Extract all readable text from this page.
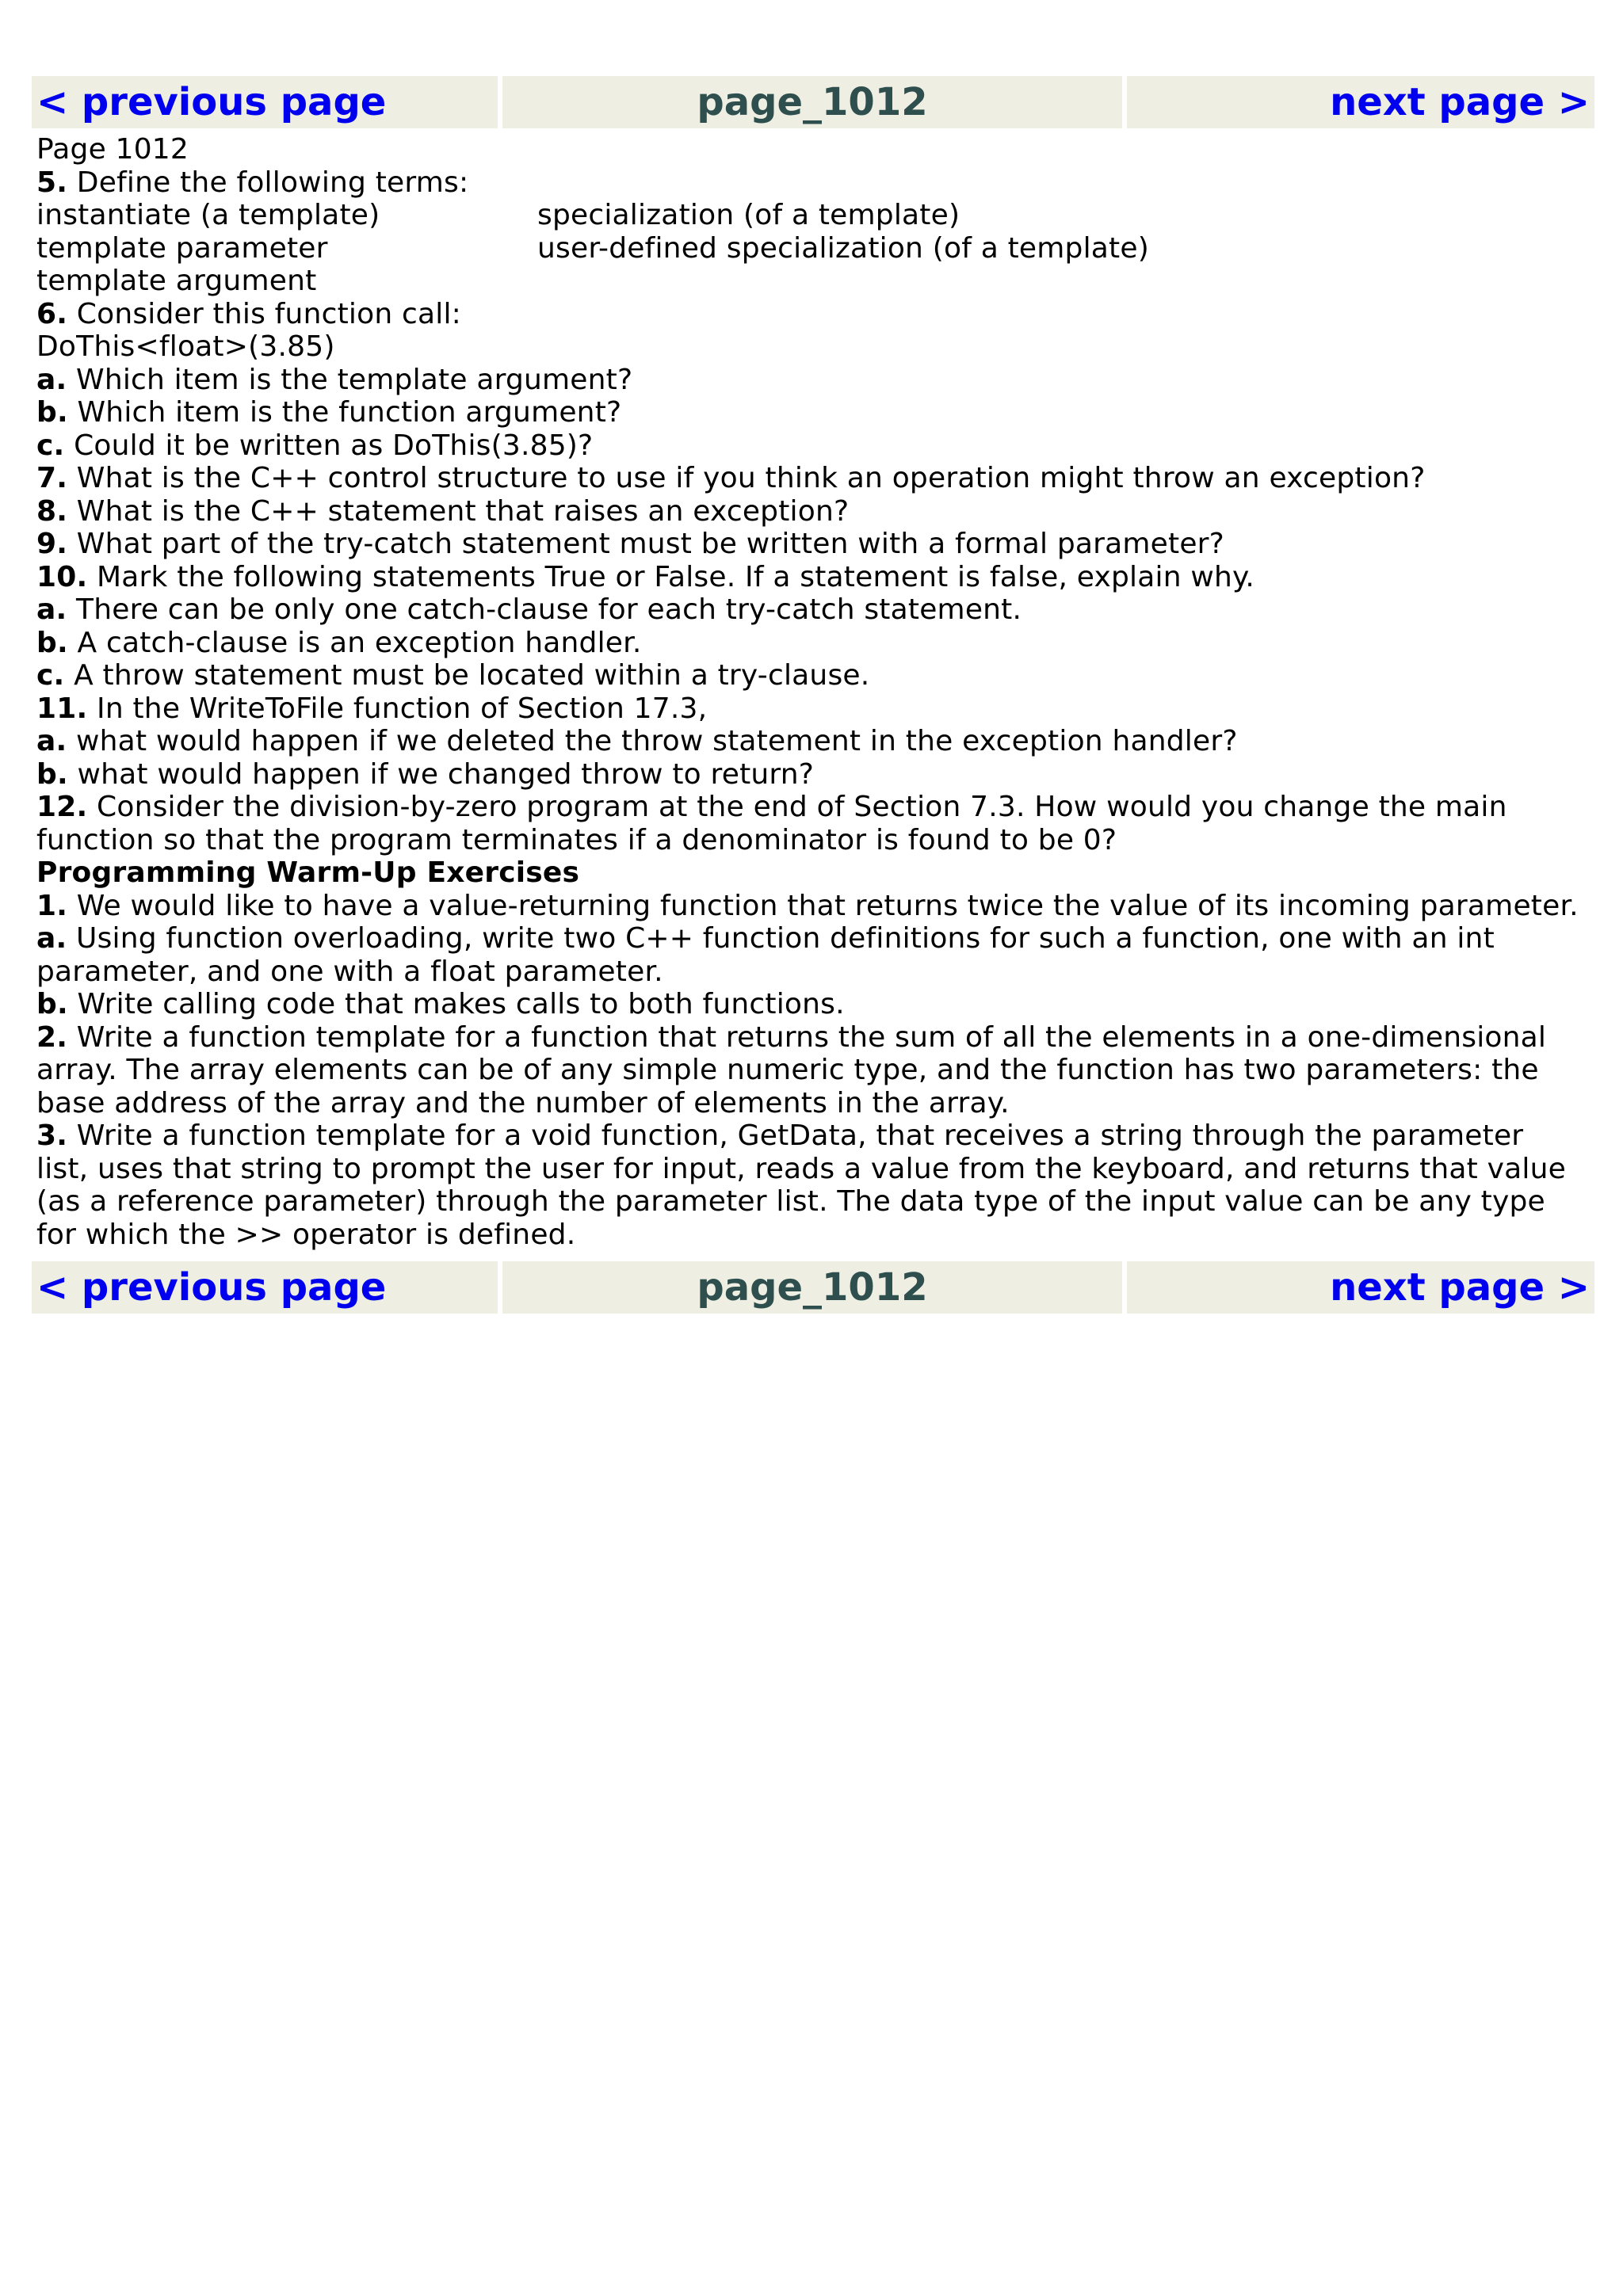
< previous page	page_1012	next page >
Page 1012
5. Define the following terms:
instantiate (a template)	specialization (of a template)
template parameter	user-defined specialization (of a template)
template argument
6. Consider this function call:
DoThis<float>(3.85)
a. Which item is the template argument?
b. Which item is the function argument?
c. Could it be written as DoThis(3.85)?
7. What is the C++ control structure to use if you think an operation might throw an exception?
8. What is the C++ statement that raises an exception?
9. What part of the try-catch statement must be written with a formal parameter?
10. Mark the following statements True or False. If a statement is false, explain why.
a. There can be only one catch-clause for each try-catch statement.
b. A catch-clause is an exception handler.
c. A throw statement must be located within a try-clause.
11. In the WriteToFile function of Section 17.3,
a. what would happen if we deleted the throw statement in the exception handler?
b. what would happen if we changed throw to return?
12. Consider the division-by-zero program at the end of Section 7.3. How would you change the main
function so that the program terminates if a denominator is found to be 0?
Programming Warm-Up Exercises
1. We would like to have a value-returning function that returns twice the value of its incoming parameter.
a. Using function overloading, write two C++ function definitions for such a function, one with an int
parameter, and one with a float parameter.
b. Write calling code that makes calls to both functions.
2. Write a function template for a function that returns the sum of all the elements in a one-dimensional
array. The array elements can be of any simple numeric type, and the function has two parameters: the
base address of the array and the number of elements in the array.
3. Write a function template for a void function, GetData, that receives a string through the parameter
list, uses that string to prompt the user for input, reads a value from the keyboard, and returns that value
(as a reference parameter) through the parameter list. The data type of the input value can be any type
for which the >> operator is defined.
< previous page	page_1012	next page >
